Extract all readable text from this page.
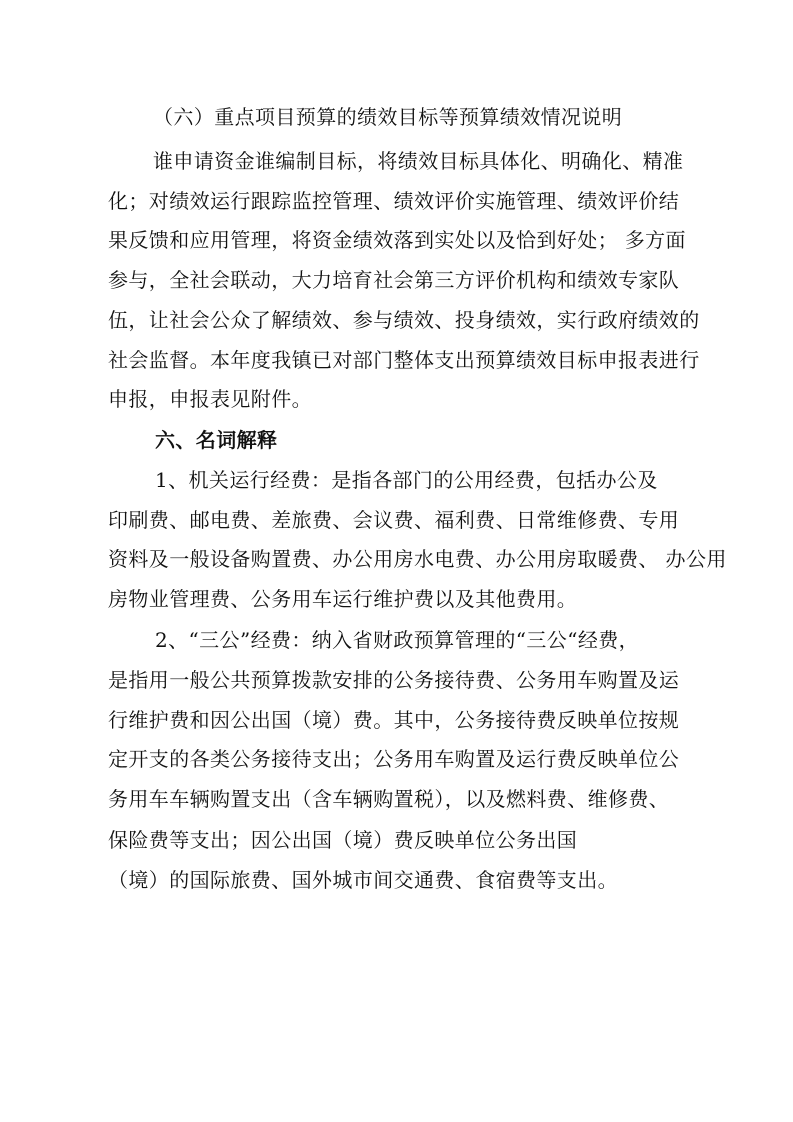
（六）重点项目预算的绩效目标等预算绩效情况说明

谁申请资金谁编制目标，将绩效目标具体化、明确化、精准

化；对绩效运行跟踪监控管理、绩效评价实施管理、绩效评价结

果反馈和应用管理，将资金绩效落到实处以及恰到好处； 多方面

参与，全社会联动，大力培育社会第三方评价机构和绩效专家队

伍，让社会公众了解绩效、参与绩效、投身绩效，实行政府绩效的

社会监督。本年度我镇已对部门整体支出预算绩效目标申报表进行

申报，申报表见附件。

六、名词解释

1、机关运行经费：是指各部门的公用经费，包括办公及

印刷费、邮电费、差旅费、会议费、福利费、日常维修费、专用

资料及一般设备购置费、办公用房水电费、办公用房取暖费、 办公用

房物业管理费、公务用车运行维护费以及其他费用。

2、“三公”经费：纳入省财政预算管理的“三公“经费，

是指用一般公共预算拨款安排的公务接待费、公务用车购置及运

行维护费和因公出国（境）费。其中，公务接待费反映单位按规

定开支的各类公务接待支出；公务用车购置及运行费反映单位公

务用车车辆购置支出（含车辆购置税），以及燃料费、维修费、

保险费等支出；因公出国（境）费反映单位公务出国

（境）的国际旅费、国外城市间交通费、食宿费等支出。
